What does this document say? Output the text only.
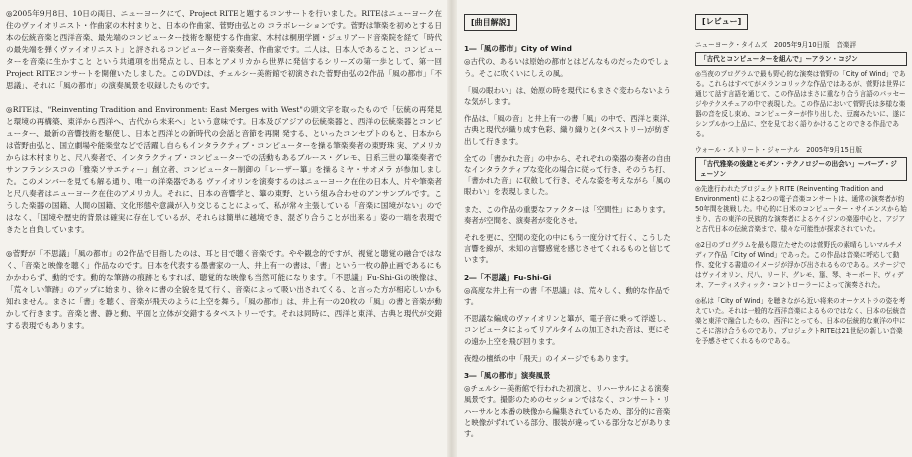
◎2005年9月8日、10日の両日、ニューヨークにて、Project RITEと題するコンサートを行いました。RITEはニューヨーク在住のヴァイオリニスト・作曲家の木村まりと、日本の作曲家、菅野由弘との コラボレーションです。菅野は筆楽を初めとする日本の伝統音楽と西洋音楽、最先端のコンピューター技術を駆使する作曲家、木村は桐朋学園・ジュリアード音楽院を経て「時代の最先端を弾くヴァイオリニスト」と評されるコンピューター音楽奏者、作曲家です。二人は、日本人であること、コンピューターを音楽に生かすこと という共通項を出発点とし、日本とアメリカから世界に発信するシリーズの第一歩として、第一回Project RITEコンサートを開催いたしました。このDVDは、チェルシー美術館で初演された菅野由弘の2作品「風の都市」「不思議」、それに「風の都市」の演奏風景を収録したものです。

◎RITEは、"Reinventing Tradition and Environment: East Merges with West"の頭文字を取ったもので「伝統の再発見と環境の再構築、東洋から西洋へ、古代から未来へ」という意味です。日本及びアジアの伝統楽器と、西洋の伝統楽器とコンピューター、最新の音響技術を駆使し、日本と西洋との新時代の会話と音節を再開 発する、といったコンセプトのもと、日本からは菅野由弘と、国立劇場や能楽堂などで活躍し自らもインタラクティブ・コンピューターを操る筆楽奏者の東野珠 実、アメリカからは木村まりと、尺八奏者で、インタラクティブ・コンピューターでの活動もあるブルース・グレモ、日系三世の篳楽奏者でサンフランシスコの「雅楽ソサエティー」創立者、コンピューター制御の「レーザー篳」を操るミヤ・サオメラ が参加しました。このメンバーを見ても解る通り、唯一の洋楽器である ヴァイオリンを演奏するのはニューヨーク在住の日本人、片や筆楽者と尺八奏者はニューヨーク在住のアメリカ人。それに、日本の音響学と、篳の東野、という組み合わせのアンサンブルです。こうした楽器の国籍、人間の国籍、文化形態や意識が入り交じることによって、私が常々主張している「音楽に国境がない」のではなく、「国境や歴史的背景は確実に存在しているが、それらは簡単に越境でき、混ざり合うことが出来る」姿の一端を表現できたと自負しています。

◎菅野が「不思議」「風の都市」の2作品で目指したのは、耳と目で聴く音楽です。やや観念的ですが、視覚と聴覚の融合ではなく、「音楽と映像を聴く」作品なのです。日本を代表する墨書家の一人、井上有一の書は、「書」という一枚の静止画であるにもかかわらず、動的です。動的な筆跡の痕跡ともすれば、聴覚的な映像も当然可能になります。「不思議」Fu-Shi-Giの映像は、「荒々しい筆跡」のアップに始まり、徐々に書の全貌を見て行く、音楽によって吸い出されてくる、と言った方が相応しいかも知れません。まさに「書」を聴く、音楽が飛天のように上空を舞う。「風の都市」は、井上有一の20枚の「風」の書と音楽が動かして行きます。音楽と書、静と動、平面と立体が交錯するタペストリーです。それは同時に、西洋と東洋、古典と現代が交錯する表現でもあります。

[曲目解説]
1―「風の都市」City of Wind

◎古代の、あるいは原始の都市とはどんなものだったのでしょう。そこに吹くいにしえの風。

「風の眼わい」は、始原の時を現代にもまさぐ変わらないような気がします。

作品は、「風の音」と井上有一の書「風」の中で、西洋と東洋、古典と現代が織り成す色彩、織り織りと(タペストリー)が紡ぎ出して行きます。

全ての「書かれた音」の中から、それぞれの楽器の奏者の自由なインタラクティブな変化の場合に従って行き、そのうち打、「書かれた音」に収斂して行き、そんな姿を考えながら「風の眼わい」を表現しました。

また、この作品の重要なファクターは「空間性」にあります。奏者が空間を、演奏者が変化させ。

それを更に、空間の変化の中にもう一度分けて行く、こうした言響を線が、未知の言響感覚を感じさせてくれるものと信じています。

2―「不思議」Fu-Shi-Gi

◎高度な井上有一の書「不思議」は、荒々しく、動的な作品です。

不思議な編成のヴァイオリンと篳が、電子音に乗って浮遊し、コンピュータによってリアルタイムの加工された音は、更にその遠か上空を飛び回ります。

夜煌の檀紙の中「飛天」のイメージでもあります。

3―「風の都市」演奏風景

◎チェルシー美術館で行われた初演と、リハーサルによる演奏風景です。撮影のためのセッションではなく、コンサート・リハーサルと本番の映像から編集されているため、部分的に音楽と映像がずれている部分、服装が違っている部分などがあります。

[レビュー]
ニューヨーク・タイムズ　2005年9月10日版　音楽評
「古代とコンピューターを組んで」ーアラン・コジン

◎当夜のプログラムで最も野心的な演奏は菅野の「City of Wind」である。これらはすべてがメランコリックな作品ではあるが、菅野は世界に通じて話す言語を通じて、この作品はまさに重なり合う言語のパッセージやテクスチュアの中で表現した。この作品において菅野氏は多様な楽器の音を反し束め、コンピューターが作り出した、豆腐みたいに、遂にシンプルかつ上品に、空を見ておく語りかけることのできる作品である。

ウォール・ストリート・ジャーナル　2005年9月15日版
「古代雅楽の後継とモダン・テクノロジーの出会い」ーパーブ・ジェーソン

◎先進行われたプロジェクトRITE (Reinventing Tradition and Environment) による2つの電子音楽コンサートは、通常の演奏者が約50年間を挑戦した。中心的に日米のコンピューター・サイエンスから始まり、古の東洋の民族的な演奏者によるケイジンの楽器中心と、アジアと古代日本の伝統音楽まで、様々な可能性が探求されていた。

◎2日のプログラムを最も際立たせたのは菅野氏の素晴らしいマルチメディア作品「City of Wind」であった。この作品は音楽に呼応して動作、変化する書道のイメージが浮かび出されるものである。ステージではヴァイオリン、尺八、リード、グレモ、篳、琴、キーボード、ヴィデオ、アーティスティック・コントローラーによって演奏された。

◎私は「City of Wind」を聴きながら近い将来のオーケストラの姿を考えていた。それは一般的な西洋音楽によるものではなく、日本の伝統音楽と東洋で融合したもの、西洋にとっても、日本の伝統的な東洋の中にこそに溶け合うものであり、プロジェクトRITEは21世紀の新しい音楽を予感させてくれるものである。
